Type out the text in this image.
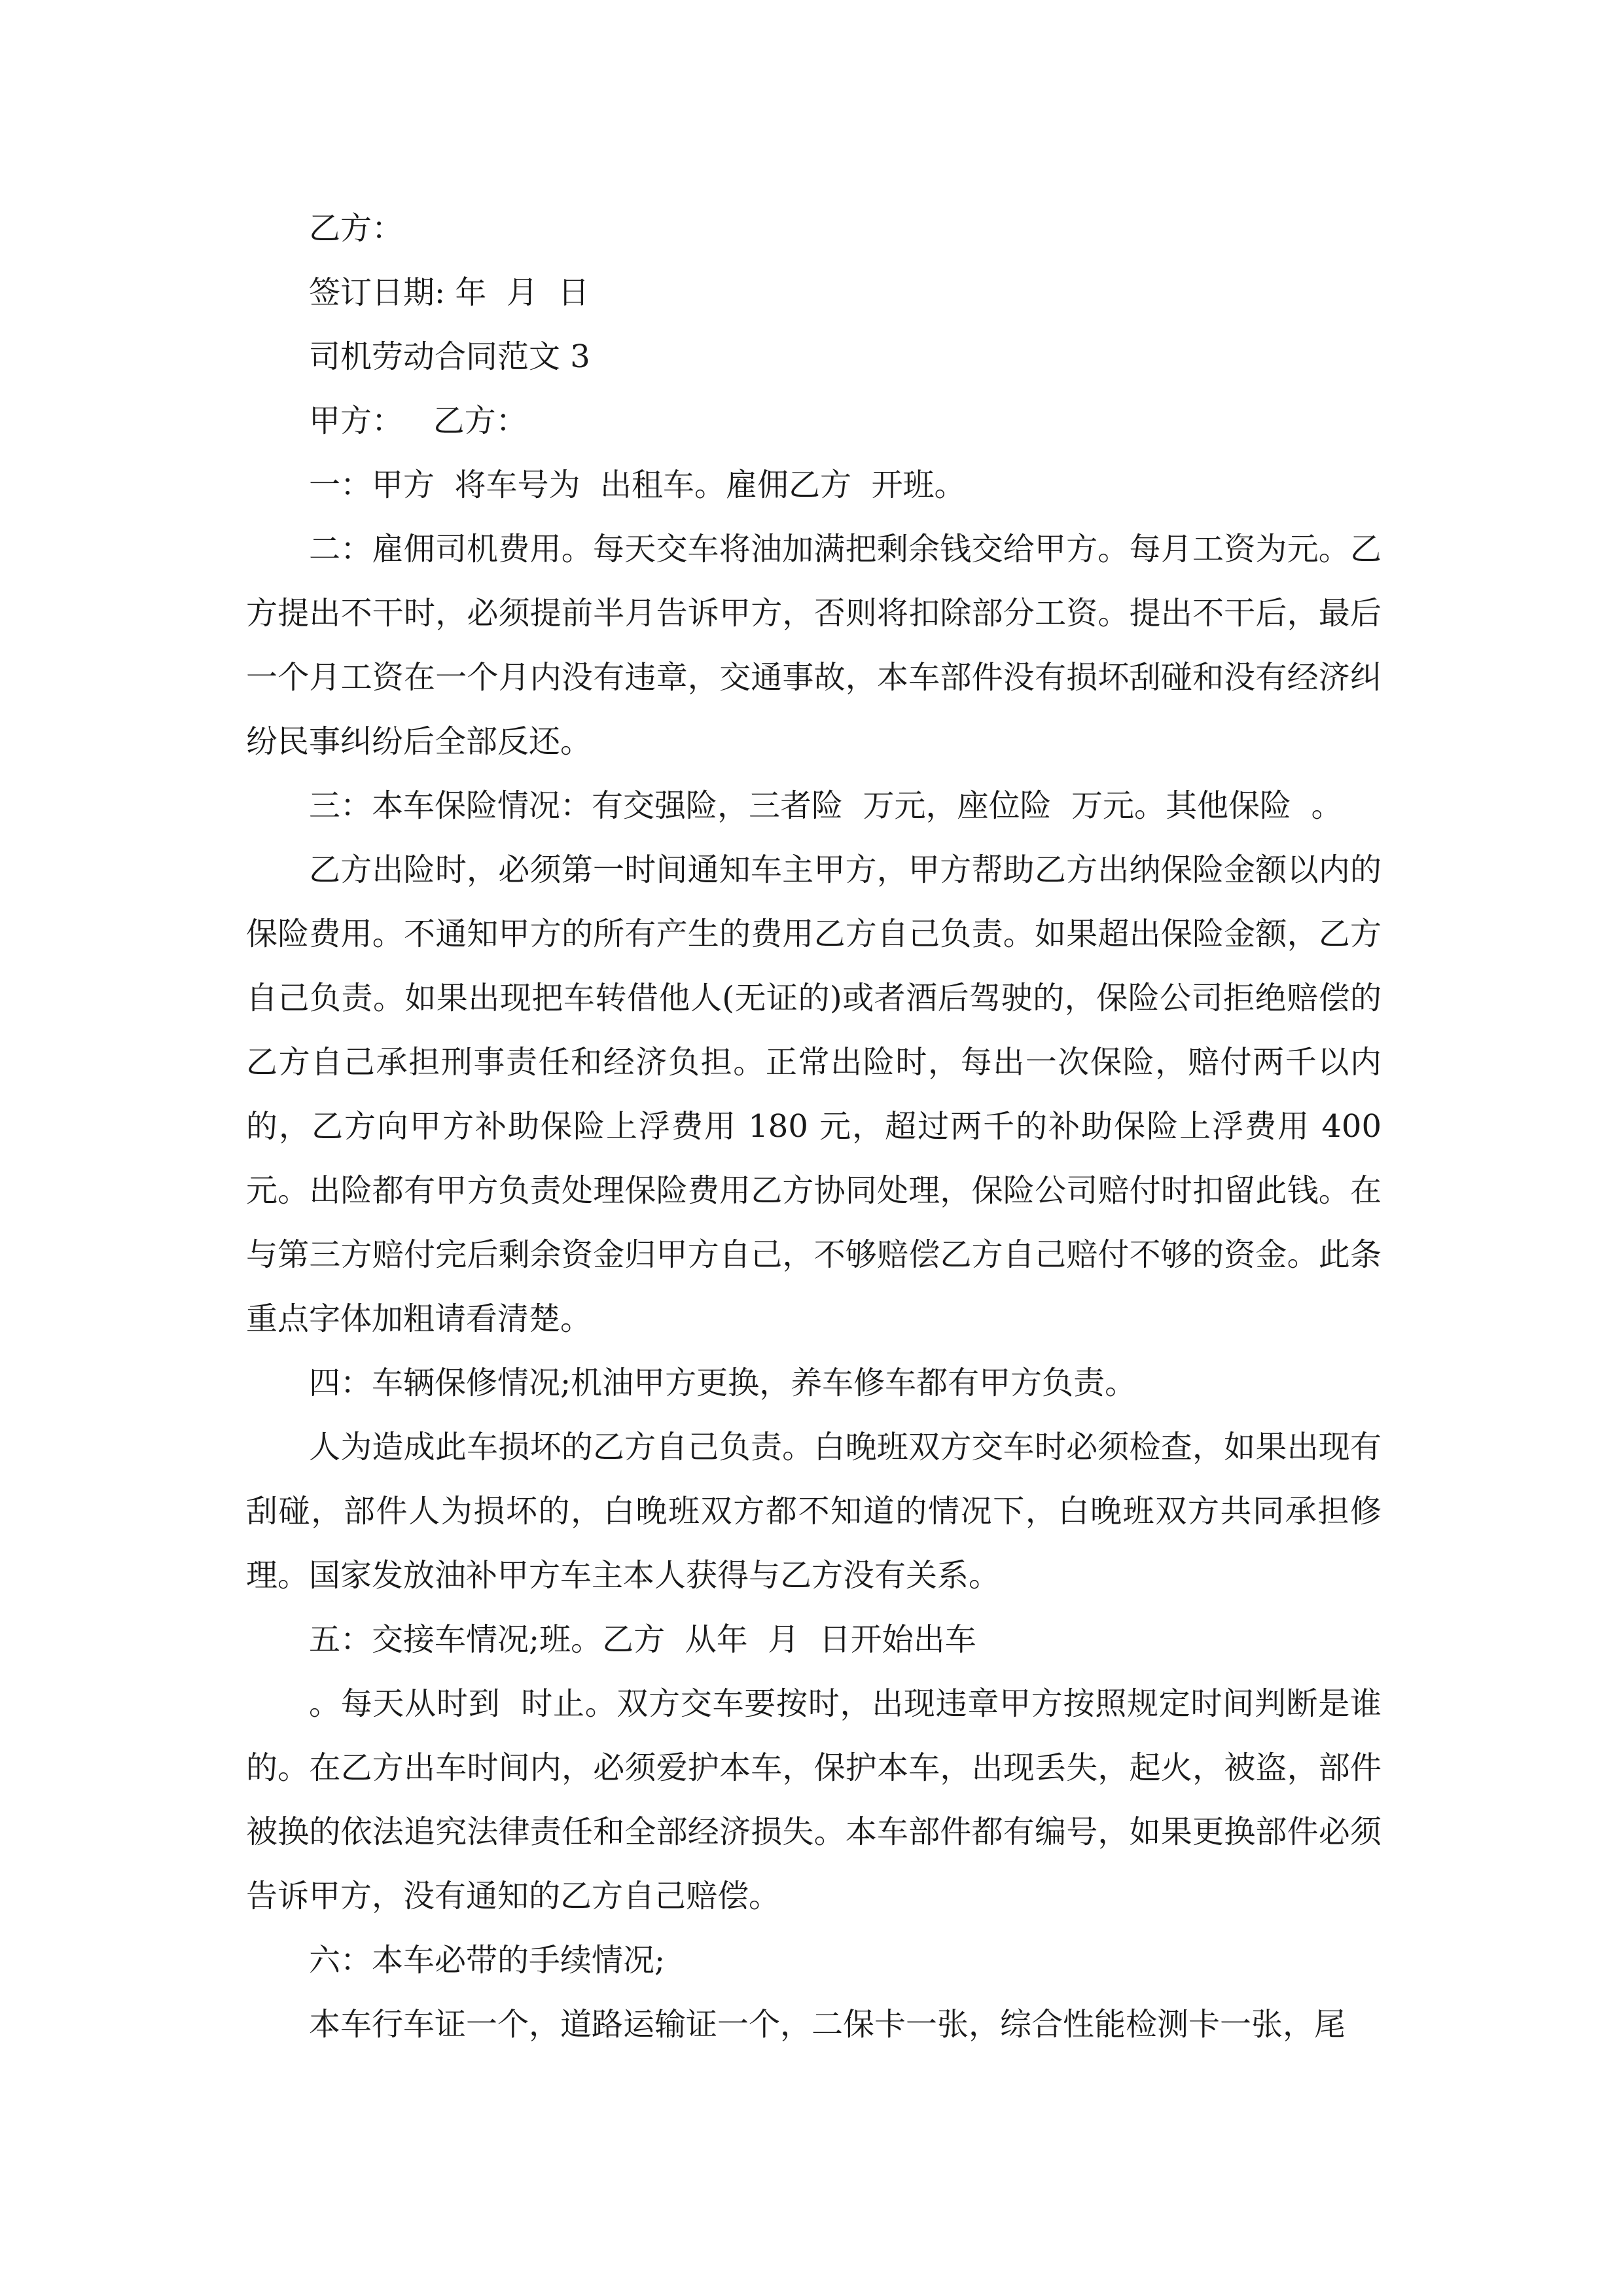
乙方：

签订日期: 年  月  日

司机劳动合同范文 3

甲方：   乙方：

一：甲方  将车号为  出租车。雇佣乙方  开班。

二：雇佣司机费用。每天交车将油加满把剩余钱交给甲方。每月工资为元。乙方提出不干时，必须提前半月告诉甲方，否则将扣除部分工资。提出不干后，最后一个月工资在一个月内没有违章，交通事故，本车部件没有损坏刮碰和没有经济纠纷民事纠纷后全部反还。

三：本车保险情况：有交强险，三者险  万元，座位险  万元。其他保险  。

乙方出险时，必须第一时间通知车主甲方，甲方帮助乙方出纳保险金额以内的保险费用。不通知甲方的所有产生的费用乙方自己负责。如果超出保险金额，乙方自己负责。如果出现把车转借他人(无证的)或者酒后驾驶的，保险公司拒绝赔偿的乙方自己承担刑事责任和经济负担。正常出险时，每出一次保险，赔付两千以内的，乙方向甲方补助保险上浮费用 180 元，超过两千的补助保险上浮费用 400 元。出险都有甲方负责处理保险费用乙方协同处理，保险公司赔付时扣留此钱。在与第三方赔付完后剩余资金归甲方自己，不够赔偿乙方自己赔付不够的资金。此条重点字体加粗请看清楚。

四：车辆保修情况;机油甲方更换，养车修车都有甲方负责。

人为造成此车损坏的乙方自己负责。白晚班双方交车时必须检查，如果出现有刮碰，部件人为损坏的，白晚班双方都不知道的情况下，白晚班双方共同承担修理。国家发放油补甲方车主本人获得与乙方没有关系。

五：交接车情况;班。乙方  从年  月  日开始出车

。每天从时到  时止。双方交车要按时，出现违章甲方按照规定时间判断是谁的。在乙方出车时间内，必须爱护本车，保护本车，出现丢失，起火，被盗，部件被换的依法追究法律责任和全部经济损失。本车部件都有编号，如果更换部件必须告诉甲方，没有通知的乙方自己赔偿。

六：本车必带的手续情况;

本车行车证一个，道路运输证一个，二保卡一张，综合性能检测卡一张，尾
